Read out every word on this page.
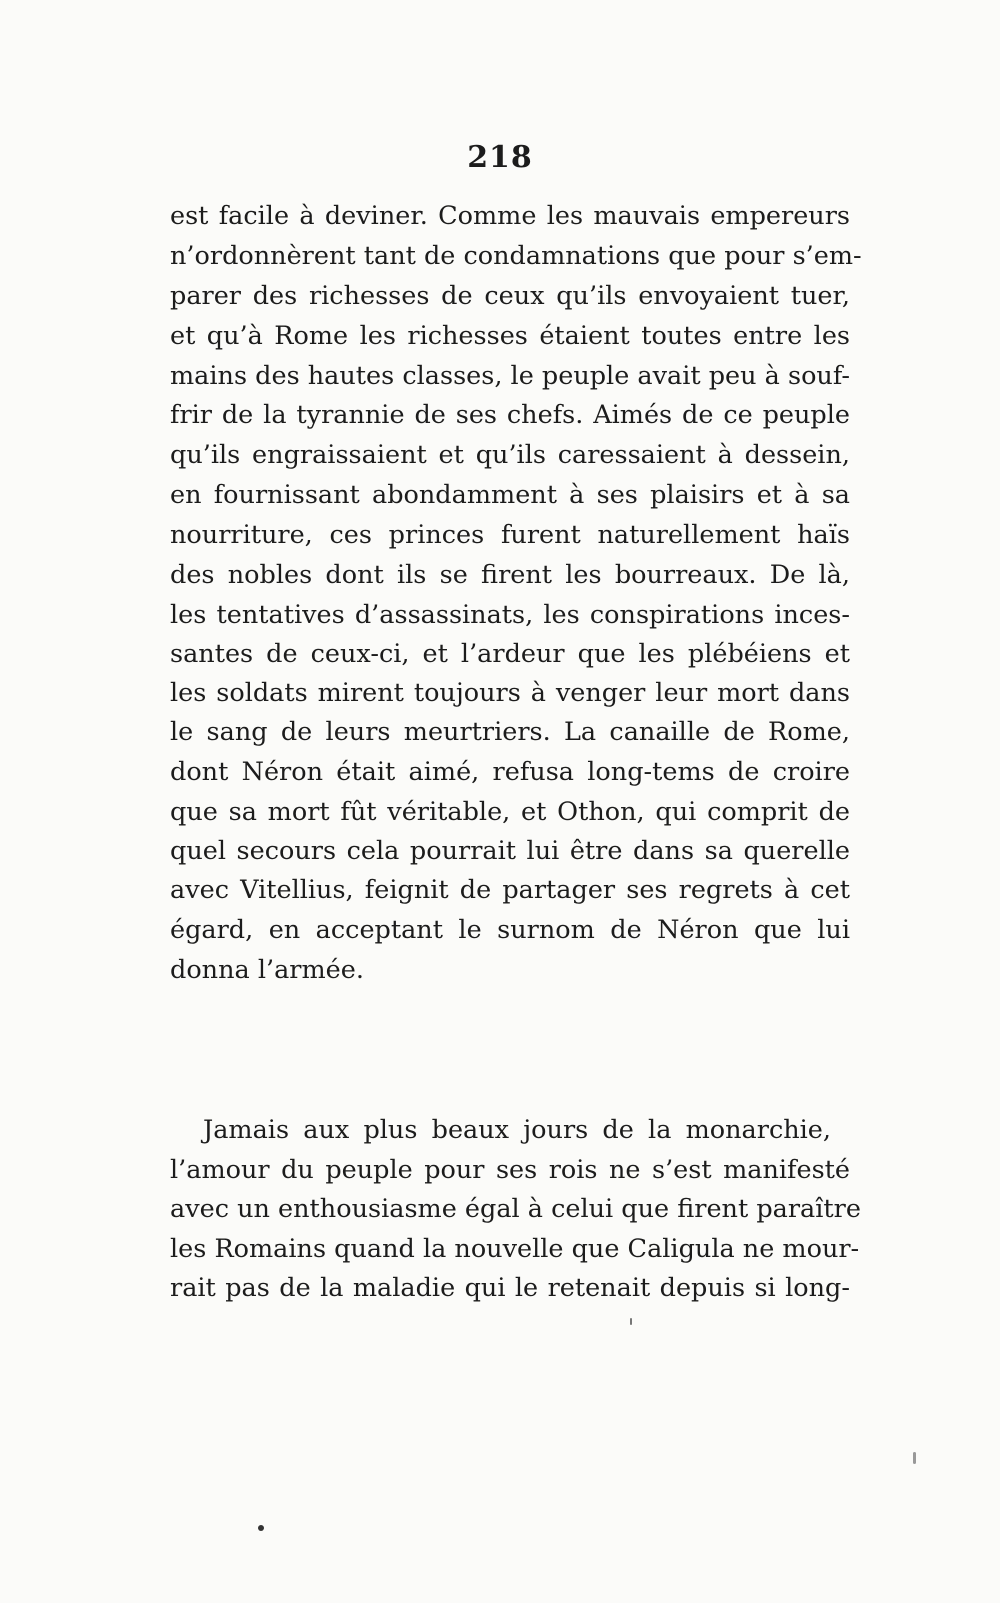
218
est facile à deviner. Comme les mauvais empereurs
n’ordonnèrent tant de condamnations que pour s’em-
parer des richesses de ceux qu’ils envoyaient tuer,
et qu’à Rome les richesses étaient toutes entre les
mains des hautes classes, le peuple avait peu à souf-
frir de la tyrannie de ses chefs. Aimés de ce peuple
qu’ils engraissaient et qu’ils caressaient à dessein,
en fournissant abondamment à ses plaisirs et à sa
nourriture, ces princes furent naturellement haïs
des nobles dont ils se firent les bourreaux. De là,
les tentatives d’assassinats, les conspirations inces-
santes de ceux-ci, et l’ardeur que les plébéiens et
les soldats mirent toujours à venger leur mort dans
le sang de leurs meurtriers. La canaille de Rome,
dont Néron était aimé, refusa long-tems de croire
que sa mort fût véritable, et Othon, qui comprit de
quel secours cela pourrait lui être dans sa querelle
avec Vitellius, feignit de partager ses regrets à cet
égard, en acceptant le surnom de Néron que lui
donna l’armée.
Jamais aux plus beaux jours de la monarchie,
l’amour du peuple pour ses rois ne s’est manifesté
avec un enthousiasme égal à celui que firent paraître
les Romains quand la nouvelle que Caligula ne mour-
rait pas de la maladie qui le retenait depuis si long-
